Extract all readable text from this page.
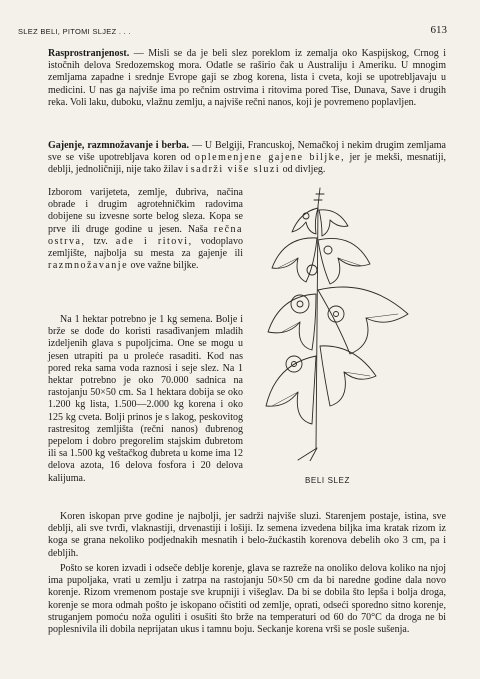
SLEZ BELI, PITOMI SLJEZ . . .	613

Rasprostranjenost. — Misli se da je beli slez poreklom iz zemalja oko Kaspijskog, Crnog i istočnih delova Sredozemskog mora. Odatle se raširio čak u Australiju i Ameriku. U mnogim zemljama zapadne i srednje Evrope gaji se zbog korena, lista i cveta, koji se upotrebljavaju u medicini. U nas ga najviše ima po rečnim ostrvima i ritovima pored Tise, Dunava, Save i drugih reka. Voli laku, duboku, vlažnu zemlju, a najviše rečni nanos, koji je povremeno poplavljen.

Gajenje, razmnožavanje i berba. — U Belgiji, Francuskoj, Nemačkoj i nekim drugim zemljama sve se više upotrebljava koren od oplemenjene gajene biljke, jer je mekši, mesnatiji, deblji, jednoličniji, nije tako žilav i sadrži više sluzi od divljeg.

Izborom varijeteta, zemlje, đubriva, načina obrade i drugim agrotehničkim radovima dobijene su izvesne sorte belog sleza. Kopa se prve ili druge godine u jesen. Naša rečna ostrva, tzv. ade i ritovi, vodoplavo zemljište, najbolja su mesta za gajenje ili razmnožavanje ove važne biljke.

Na 1 hektar potrebno je 1 kg semena. Bolje i brže se dođe do koristi rasađivanjem mladih izdeljenih glava s pupoljcima. One se mogu u jesen utrapiti pa u proleće rasaditi. Kod nas pored reka sama voda raznosi i seje slez. Na 1 hektar potrebno je oko 70.000 sadnica na rastojanju 50×50 cm. Sa 1 hektara dobija se oko 1.200 kg lista, 1.500—2.000 kg korena i oko 125 kg cveta. Bolji prinos je s lakog, peskovitog rastresitog zemljišta (rečni nanos) đubrenog pepelom i dobro pregorelim stajskim đubretom ili sa 1.500 kg veštačkog đubreta u kome ima 12 delova azota, 16 delova fosfora i 20 delova kalijuma.

Koren iskopan prve godine je najbolji, jer sadrži najviše sluzi. Starenjem postaje, istina, sve deblji, ali sve tvrđi, vlaknastiji, drvenastiji i lošiji. Iz semena izvedena biljka ima kratak rizom iz koga se grana nekoliko podjednakih mesnatih i belo-žućkastih korenova debelih oko 3 cm, pa i debljih.

Pošto se koren izvadi i odseče deblje korenje, glava se razreže na onoliko delova koliko na njoj ima pupoljaka, vrati u zemlju i zatrpa na rastojanju 50×50 cm da bi naredne godine dala novo korenje. Rizom vremenom postaje sve krupniji i višeglav. Da bi se dobila što lepša i bolja droga, korenje se mora odmah pošto je iskopano očistiti od zemlje, oprati, odseći sporedno sitno korenje, struganjem pomoću noža oguliti i osušiti što brže na temperaturi od 60 do 70°C da droga ne bi poplesnivila ili dobila neprijatan ukus i tamnu boju. Seckanje korena vrši se posle sušenja.

BELI SLEZ
